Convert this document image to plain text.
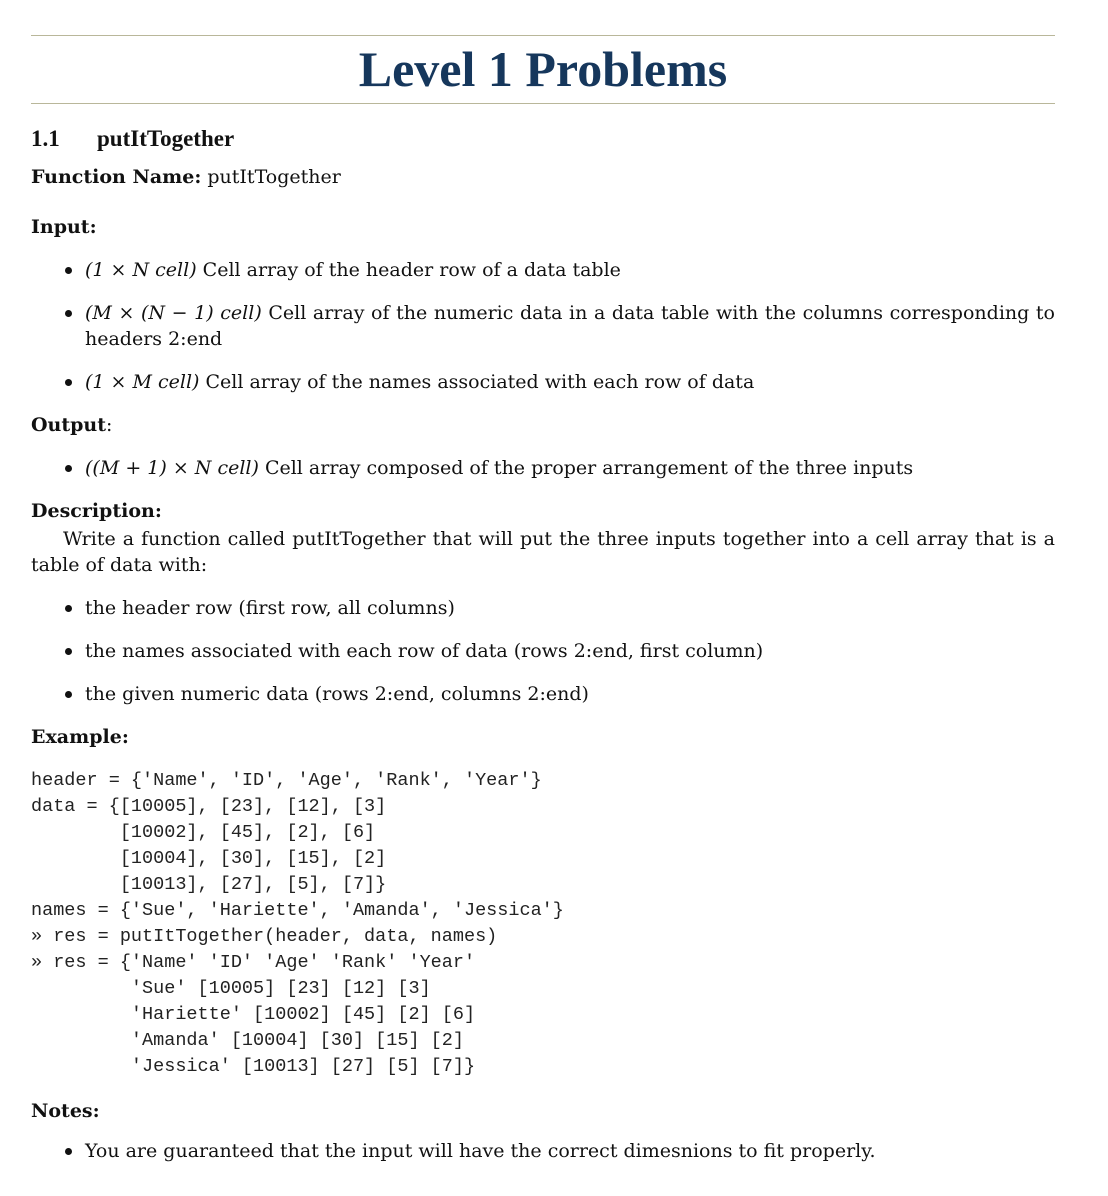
Level 1 Problems
1.1 putItTogether

Function Name: putItTogether

Input:

(1 × N cell) Cell array of the header row of a data table
(M × (N − 1) cell) Cell array of the numeric data in a data table with the columns corresponding to headers 2:end
(1 × M cell) Cell array of the names associated with each row of data

Output:

((M + 1) × N cell) Cell array composed of the proper arrangement of the three inputs

Description:

Write a function called putItTogether that will put the three inputs together into a cell array that is a table of data with:

the header row (first row, all columns)
the names associated with each row of data (rows 2:end, first column)
the given numeric data (rows 2:end, columns 2:end)

Example:

header = {'Name', 'ID', 'Age', 'Rank', 'Year'}
data = {[10005], [23], [12], [3]
[10002], [45], [2], [6]
[10004], [30], [15], [2]
[10013], [27], [5], [7]}
names = {'Sue', 'Hariette', 'Amanda', 'Jessica'}
» res = putItTogether(header, data, names)
» res = {'Name' 'ID' 'Age' 'Rank' 'Year'
'Sue' [10005] [23] [12] [3]
'Hariette' [10002] [45] [2] [6]
'Amanda' [10004] [30] [15] [2]
'Jessica' [10013] [27] [5] [7]}

Notes:

You are guaranteed that the input will have the correct dimesnions to fit properly.
